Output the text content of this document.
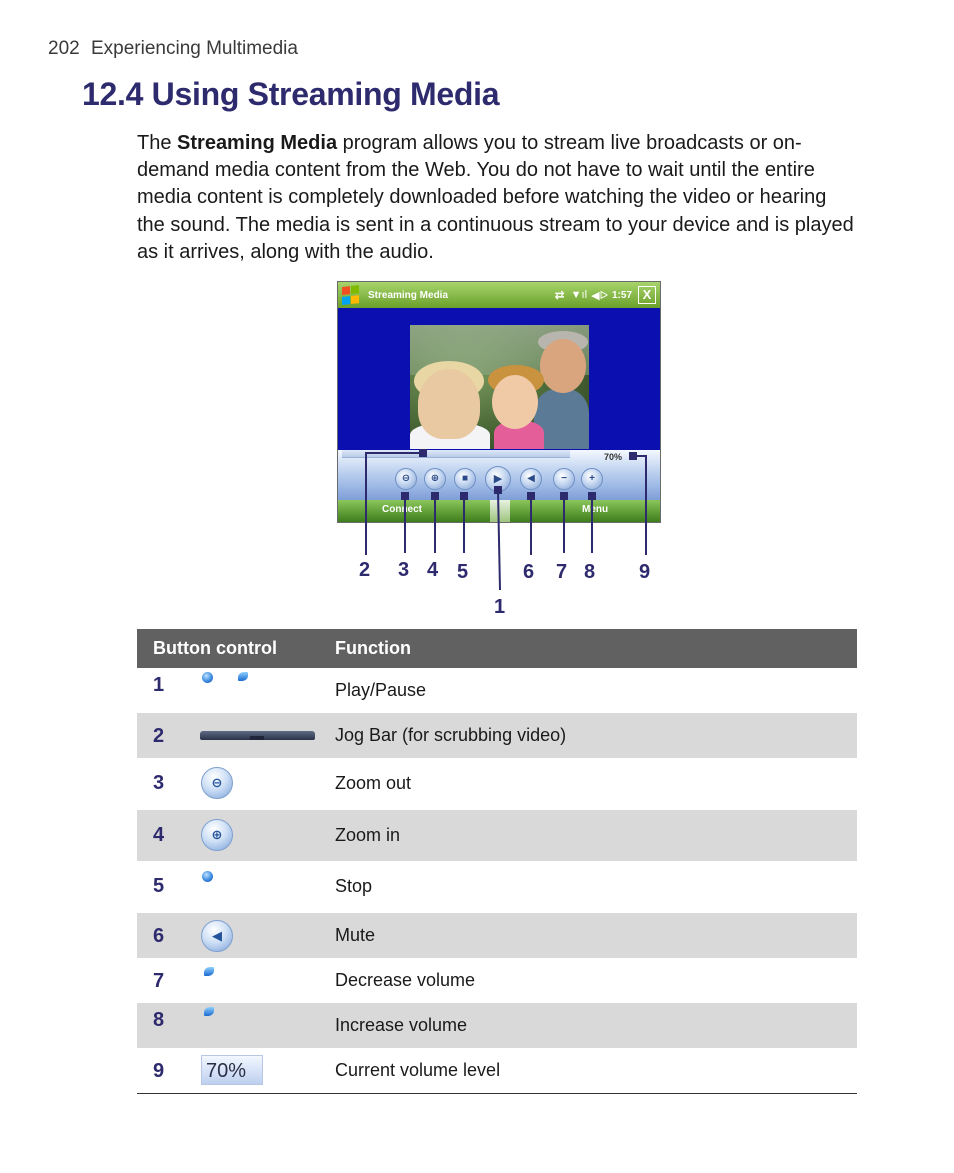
202 Experiencing Multimedia
12.4 Using Streaming Media

The Streaming Media program allows you to stream live broadcasts or on-demand media content from the Web. You do not have to wait until the entire media content is completely downloaded before watching the video or hearing the sound. The media is sent in a continuous stream to your device and is played as it arrives, along with the audio.

Streaming Media	⇄ ▼ıl ◀ᐅ 1:57 X
70%
⊖	⊕	■	▶	◀	−	+
Connect	Menu
2 3 4 5	6 7 8 9
1
Button control	Function
1	Play/Pause
2	Jog Bar (for scrubbing video)
3	⊖	Zoom out
4	⊕	Zoom in
5	Stop
6	◀	Mute
7	Decrease volume
8	Increase volume
9 70%	Current volume level
